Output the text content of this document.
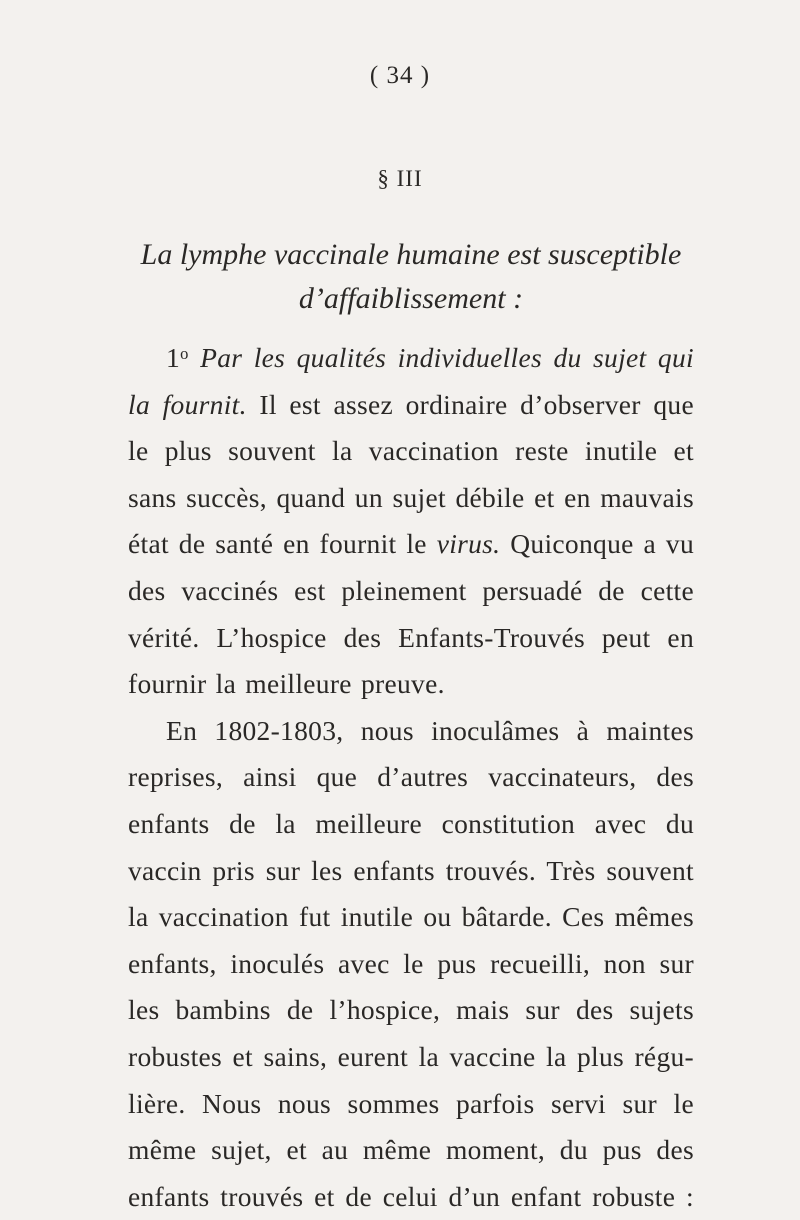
( 34 )
§ III
La lymphe vaccinale humaine est susceptible
d’affaiblissement :
1$^o$ Par les qualités individuelles du sujet qui
la fournit. Il est assez ordinaire d’observer que
le plus souvent la vaccination reste inutile et
sans succès, quand un sujet débile et en mauvais
état de santé en fournit le virus. Quiconque a vu
des vaccinés est pleinement persuadé de cette
vérité. L’hospice des Enfants-Trouvés peut en
fournir la meilleure preuve.
En 1802-1803, nous inoculâmes à maintes
reprises, ainsi que d’autres vaccinateurs, des
enfants de la meilleure constitution avec du
vaccin pris sur les enfants trouvés. Très souvent
la vaccination fut inutile ou bâtarde. Ces mêmes
enfants, inoculés avec le pus recueilli, non sur
les bambins de l’hospice, mais sur des sujets
robustes et sains, eurent la vaccine la plus régu-
lière. Nous nous sommes parfois servi sur le
même sujet, et au même moment, du pus des
enfants trouvés et de celui d’un enfant robuste :
